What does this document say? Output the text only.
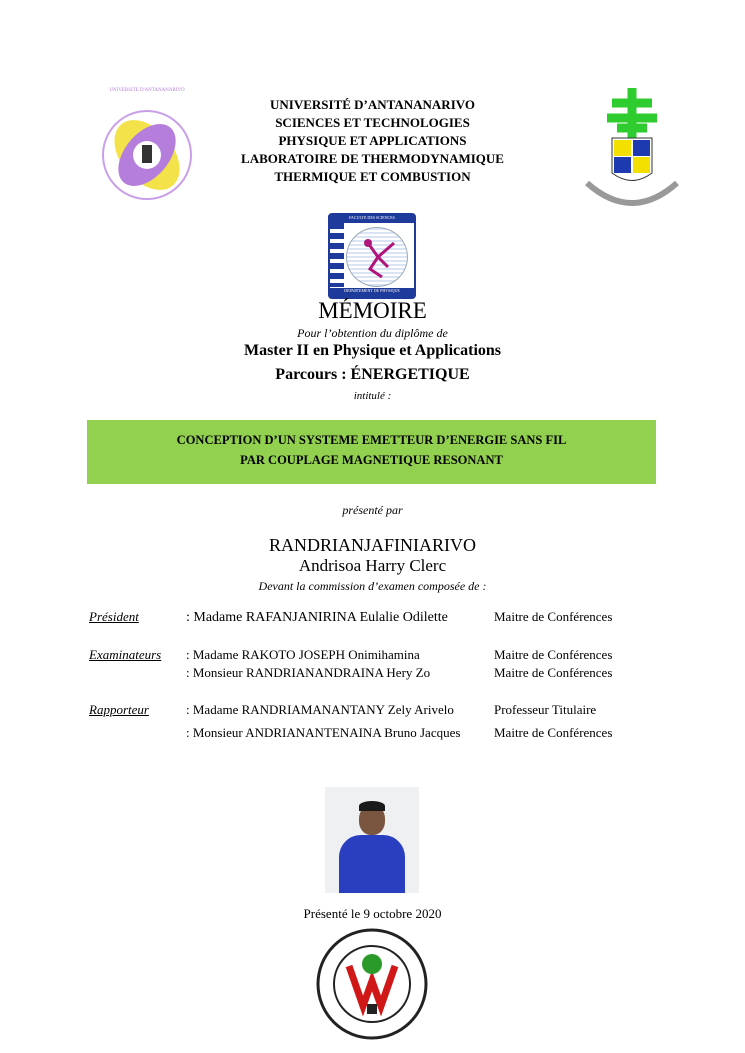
UNIVERSITE D'ANTANANARIVO
UNIVERSITÉ D’ANTANANARIVO
SCIENCES ET TECHNOLOGIES
PHYSIQUE ET APPLICATIONS
LABORATOIRE DE THERMODYNAMIQUE
THERMIQUE ET COMBUSTION
FACULTE DES SCIENCES
DEPARTEMENT DE PHYSIQUE
MÉMOIRE
Pour l’obtention du diplôme de
Master II en Physique et Applications
Parcours : ÉNERGETIQUE
intitulé :
CONCEPTION D’UN SYSTEME EMETTEUR D’ENERGIE SANS FIL
PAR COUPLAGE MAGNETIQUE RESONANT
présenté par
RANDRIANJAFINIARIVO
Andrisoa Harry Clerc
Devant la commission d’examen composée de :
Président	: Madame RAFANJANIRINA Eulalie Odilette	Maitre de Conférences
Examinateurs : Madame RAKOTO JOSEPH Onimihamina	Maitre de Conférences
: Monsieur RANDRIANANDRAINA Hery Zo	Maitre de Conférences
Rapporteur	: Madame RANDRIAMANANTANY Zely Arivelo	Professeur Titulaire
: Monsieur ANDRIANANTENAINA Bruno Jacques	Maitre de Conférences
Présenté le 9 octobre 2020
